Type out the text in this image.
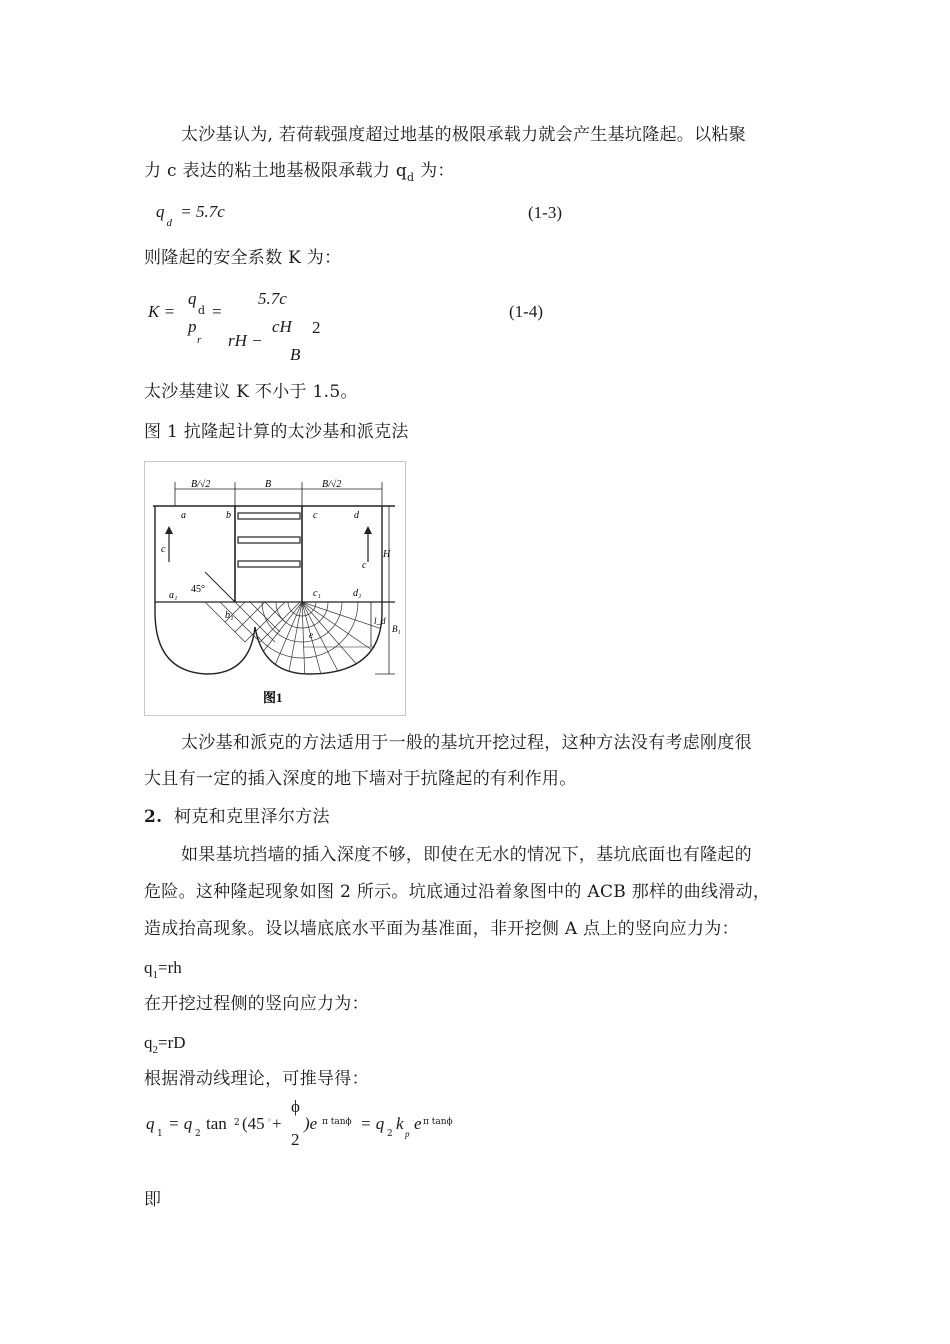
太沙基认为, 若荷载强度超过地基的极限承载力就会产生基坑隆起。以粘聚
力 c 表达的粘土地基极限承载力 $q_d$ 为：
$q_d = 5.7c$	(1-3)
则隆起的安全系数 K 为：
K =
q
d =
p
r
5.7c
rH −
cH 2
B
(1-4)
太沙基建议 K 不小于 1.5。
图 1 抗隆起计算的太沙基和派克法
B/√2	B	B/√2
a	b	c	d
c
c
H
45°
a₁
b₁
c₁	d₁
l_d
B₁
e
图1
太沙基和派克的方法适用于一般的基坑开挖过程，这种方法没有考虑刚度很
大且有一定的插入深度的地下墙对于抗隆起的有利作用。
2. 柯克和克里泽尔方法
如果基坑挡墙的插入深度不够，即使在无水的情况下，基坑底面也有隆起的
危险。这种隆起现象如图 2 所示。坑底通过沿着象图中的 ACB 那样的曲线滑动，
造成抬高现象。设以墙底底水平面为基准面，非开挖侧 A 点上的竖向应力为：
$q_1=rh$
在开挖过程侧的竖向应力为：
$q_2=rD$
根据滑动线理论，可推导得：
q
1
= q
2
tan 2 (45 ◦ +
ϕ
2
)e π tanϕ = q
2
k
p
e π tanϕ
即
